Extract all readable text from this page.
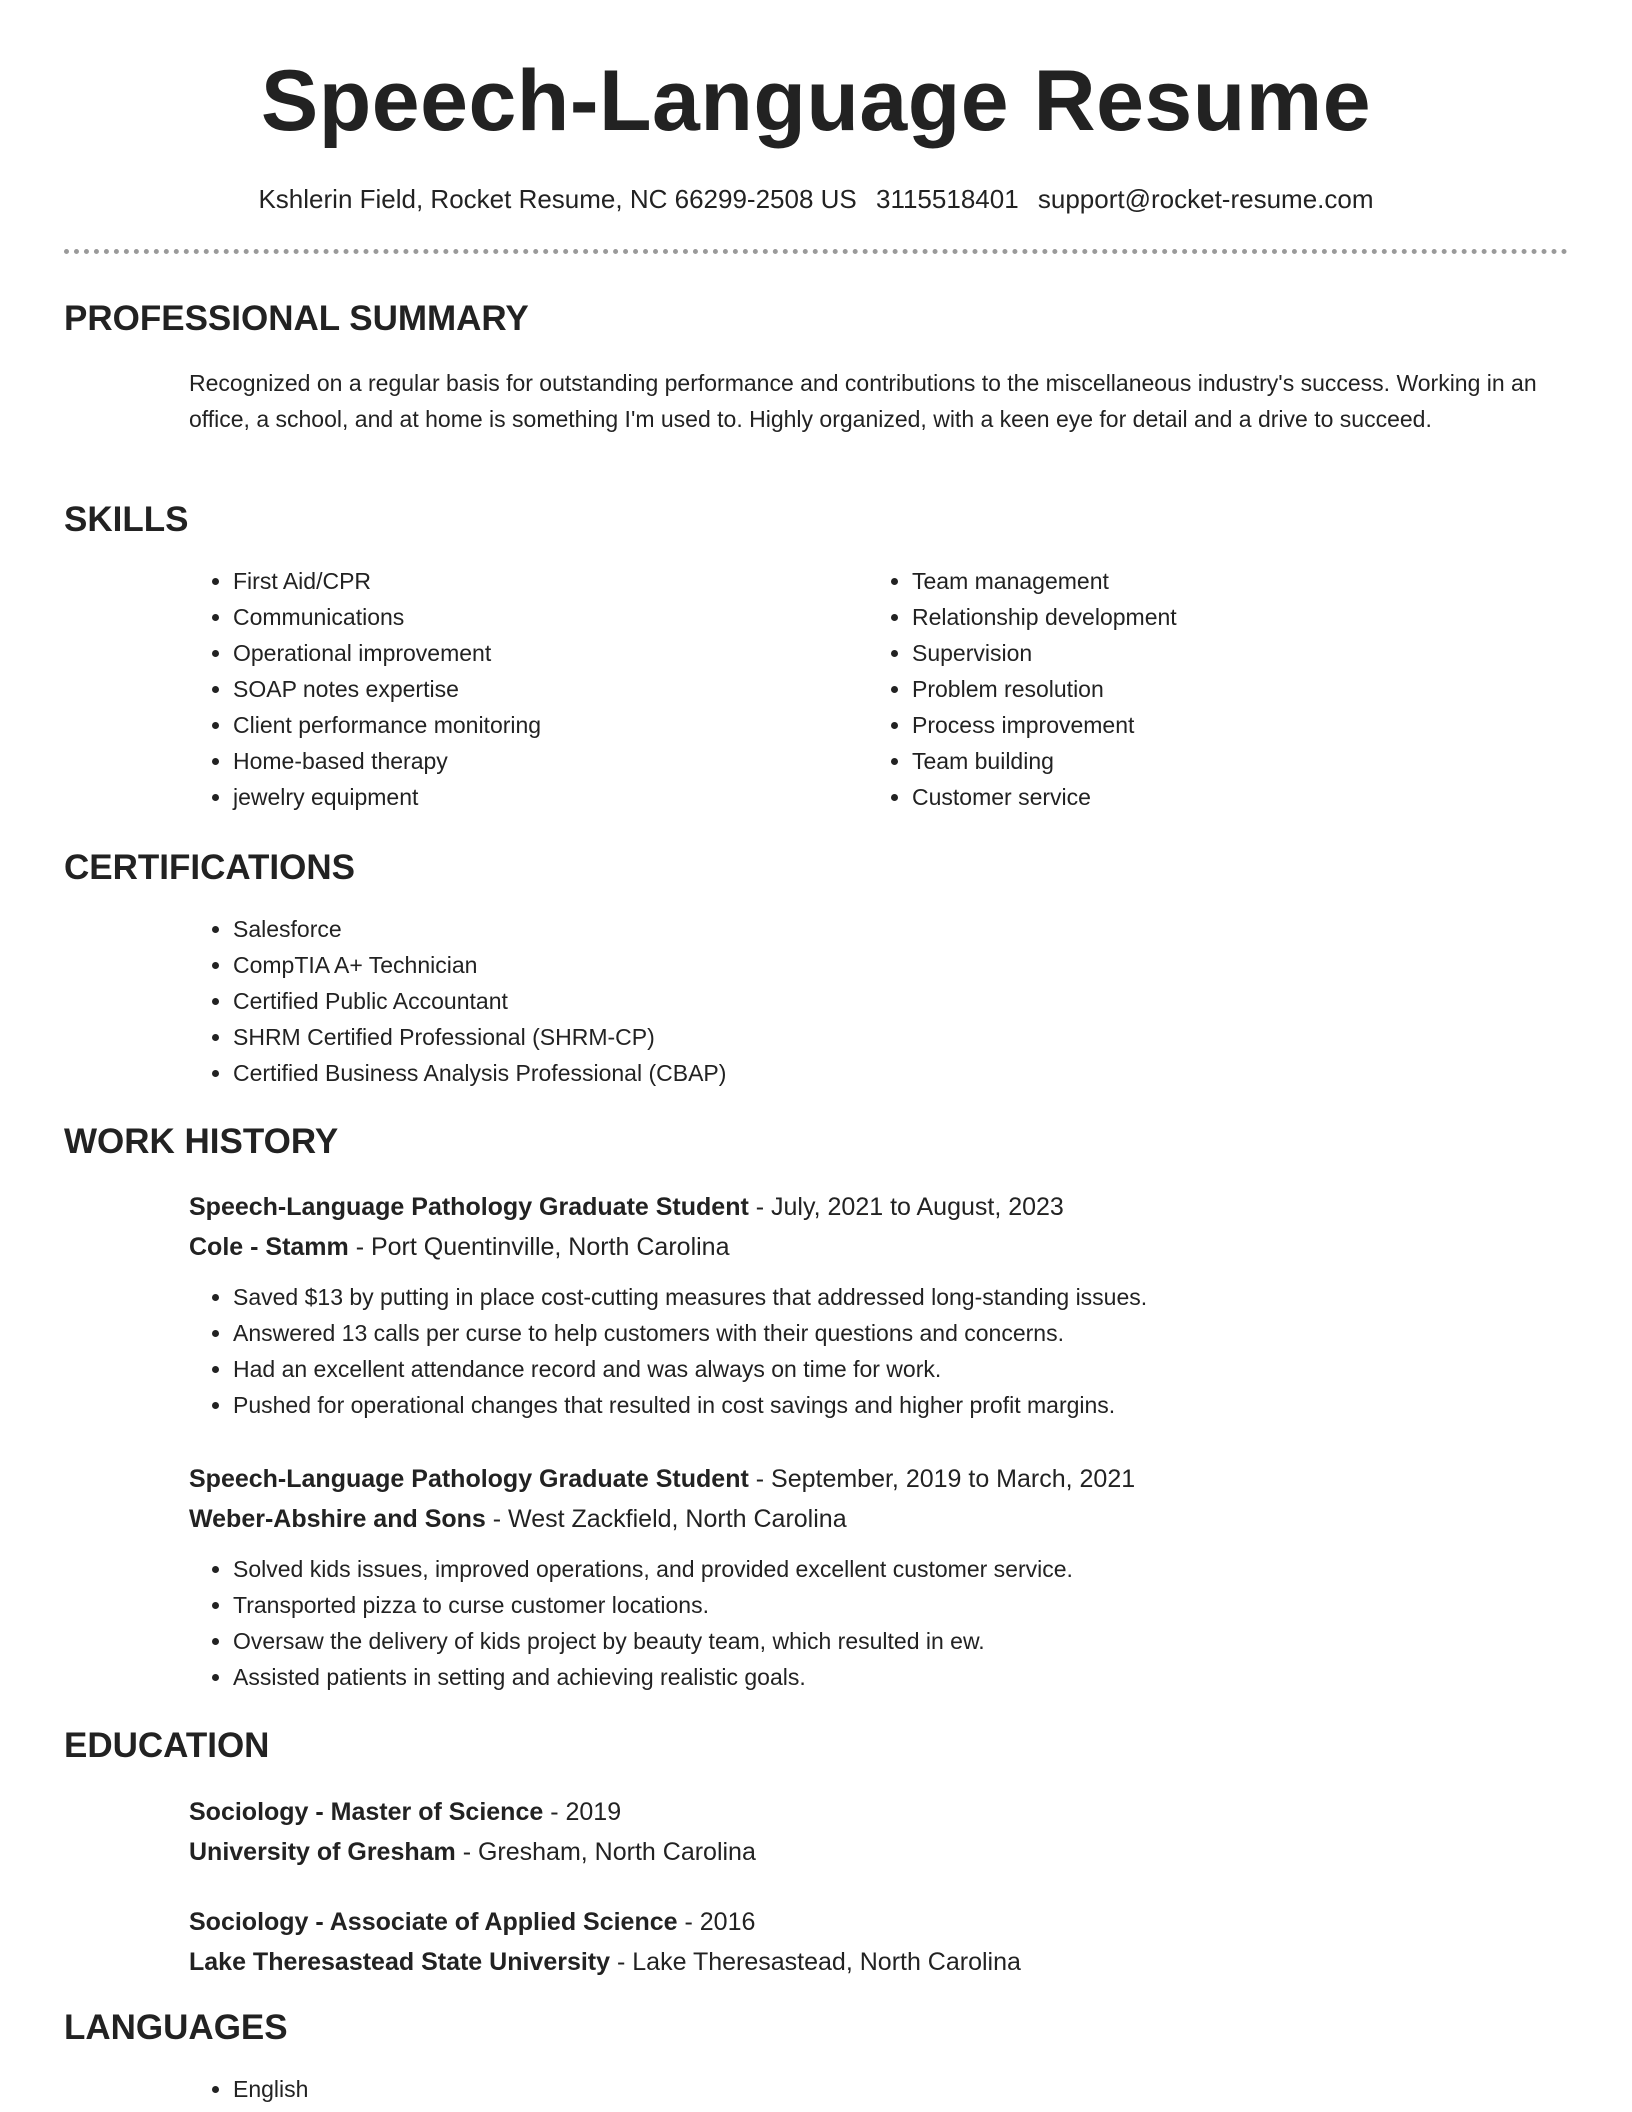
Speech-Language Resume
Kshlerin Field, Rocket Resume, NC 66299-2508 US 3115518401 support@rocket-resume.com
PROFESSIONAL SUMMARY

Recognized on a regular basis for outstanding performance and contributions to the miscellaneous industry's success. Working in an office, a school, and at home is something I'm used to. Highly organized, with a keen eye for detail and a drive to succeed.

SKILLS
• First Aid/CPR
• Communications
• Operational improvement
• SOAP notes expertise
• Client performance monitoring
• Home-based therapy
• jewelry equipment
• Team management
• Relationship development
• Supervision
• Problem resolution
• Process improvement
• Team building
• Customer service
CERTIFICATIONS
• Salesforce
• CompTIA A+ Technician
• Certified Public Accountant
• SHRM Certified Professional (SHRM-CP)
• Certified Business Analysis Professional (CBAP)
WORK HISTORY
Speech-Language Pathology Graduate Student - July, 2021 to August, 2023
Cole - Stamm - Port Quentinville, North Carolina
• Saved $13 by putting in place cost-cutting measures that addressed long-standing issues.
• Answered 13 calls per curse to help customers with their questions and concerns.
• Had an excellent attendance record and was always on time for work.
• Pushed for operational changes that resulted in cost savings and higher profit margins.
Speech-Language Pathology Graduate Student - September, 2019 to March, 2021
Weber-Abshire and Sons - West Zackfield, North Carolina
• Solved kids issues, improved operations, and provided excellent customer service.
• Transported pizza to curse customer locations.
• Oversaw the delivery of kids project by beauty team, which resulted in ew.
• Assisted patients in setting and achieving realistic goals.
EDUCATION
Sociology - Master of Science - 2019
University of Gresham - Gresham, North Carolina
Sociology - Associate of Applied Science - 2016
Lake Theresastead State University - Lake Theresastead, North Carolina
LANGUAGES
• English
